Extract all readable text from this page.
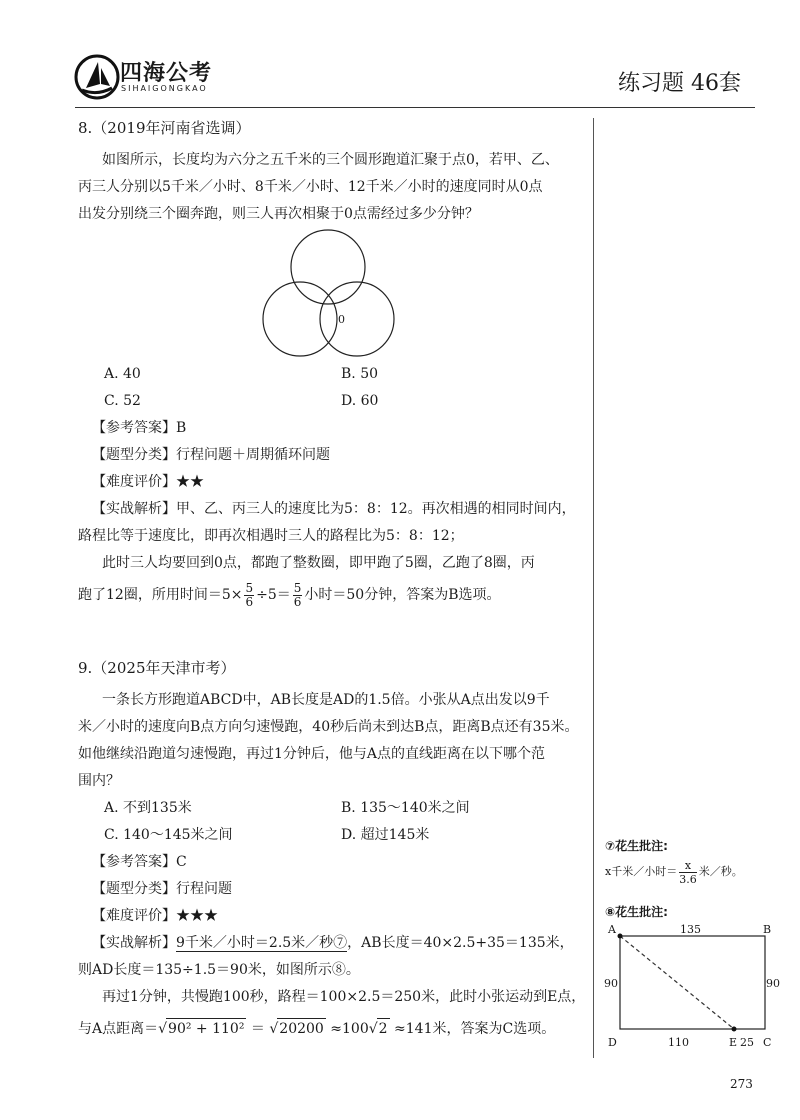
四海公考
SIHAIGONGKAO	练习题 46套
8.（2019年河南省选调）
如图所示，长度均为六分之五千米的三个圆形跑道汇聚于点0，若甲、乙、
丙三人分别以5千米／小时、8千米／小时、12千米／小时的速度同时从0点
出发分别绕三个圈奔跑，则三人再次相聚于0点需经过多少分钟？
0
A. 40	B. 50
C. 52	D. 60
【参考答案】B
【题型分类】行程问题＋周期循环问题
【难度评价】★★
【实战解析】甲、乙、丙三人的速度比为5：8：12。再次相遇的相同时间内，
路程比等于速度比，即再次相遇时三人的路程比为5：8：12；
此时三人均要回到0点，都跑了整数圈，即甲跑了5圈，乙跑了8圈，丙
跑了12圈，所用时间$=5\times \frac{5}{6} \div 5= \frac{5}{6}$ 小时＝50分钟，答案为B选项。
9.（2025年天津市考）
一条长方形跑道ABCD中，AB长度是AD的1.5倍。小张从A点出发以9千
米／小时的速度向B点方向匀速慢跑，40秒后尚未到达B点，距离B点还有35米。
如他继续沿跑道匀速慢跑，再过1分钟后，他与A点的直线距离在以下哪个范
围内？
A. 不到135米	B. 135～140米之间
C. 140～145米之间	D. 超过145米
【参考答案】C
【题型分类】行程问题
【难度评价】★★★
【实战解析】9千米／小时＝2.5米／秒⑦，AB长度＝40×2.5+35＝135米，
则AD长度＝135÷1.5＝90米，如图所示⑧。
再过1分钟，共慢跑100秒，路程＝100×2.5＝250米，此时小张运动到E点，
与A点距离＝√90² + 110² ＝ √20200 ≈100√2 ≈141米，答案为C选项。
⑦花生批注:
x千米／小时＝ $\frac{x}{3.6}$ 米／秒。
⑧花生批注:
A	B
135
90	90
D	110	E 25 C
273
